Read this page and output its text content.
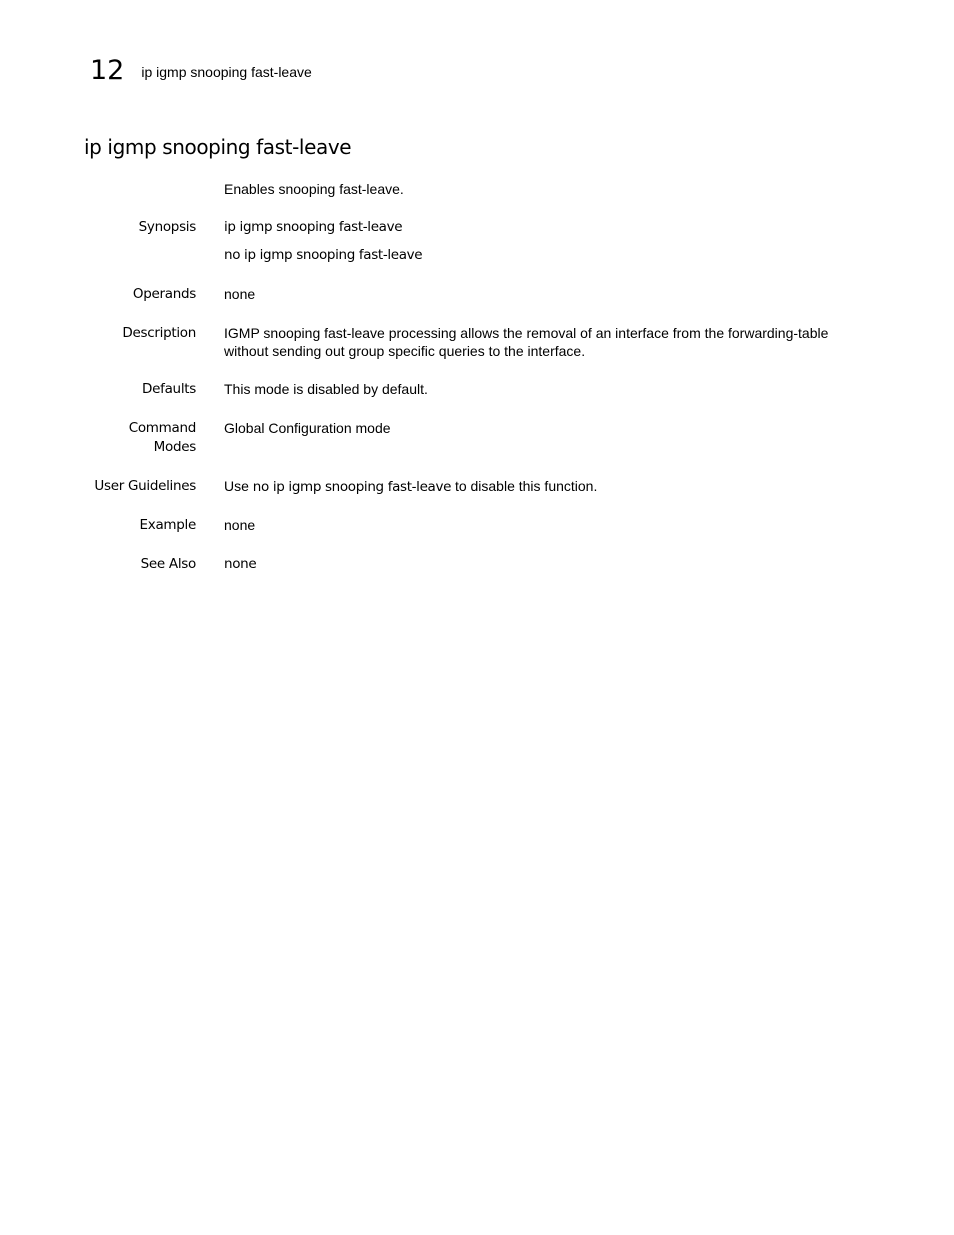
12 ip igmp snooping fast-leave
ip igmp snooping fast-leave
Enables snooping fast-leave.
Synopsis ip igmp snooping fast-leave
no ip igmp snooping fast-leave
Operands none
Description IGMP snooping fast-leave processing allows the removal of an interface from the forwarding-table without sending out group specific queries to the interface.
Defaults This mode is disabled by default.
Command
Modes
Global Configuration mode
User Guidelines Use no ip igmp snooping fast-leave to disable this function.
Example none
See Also none
